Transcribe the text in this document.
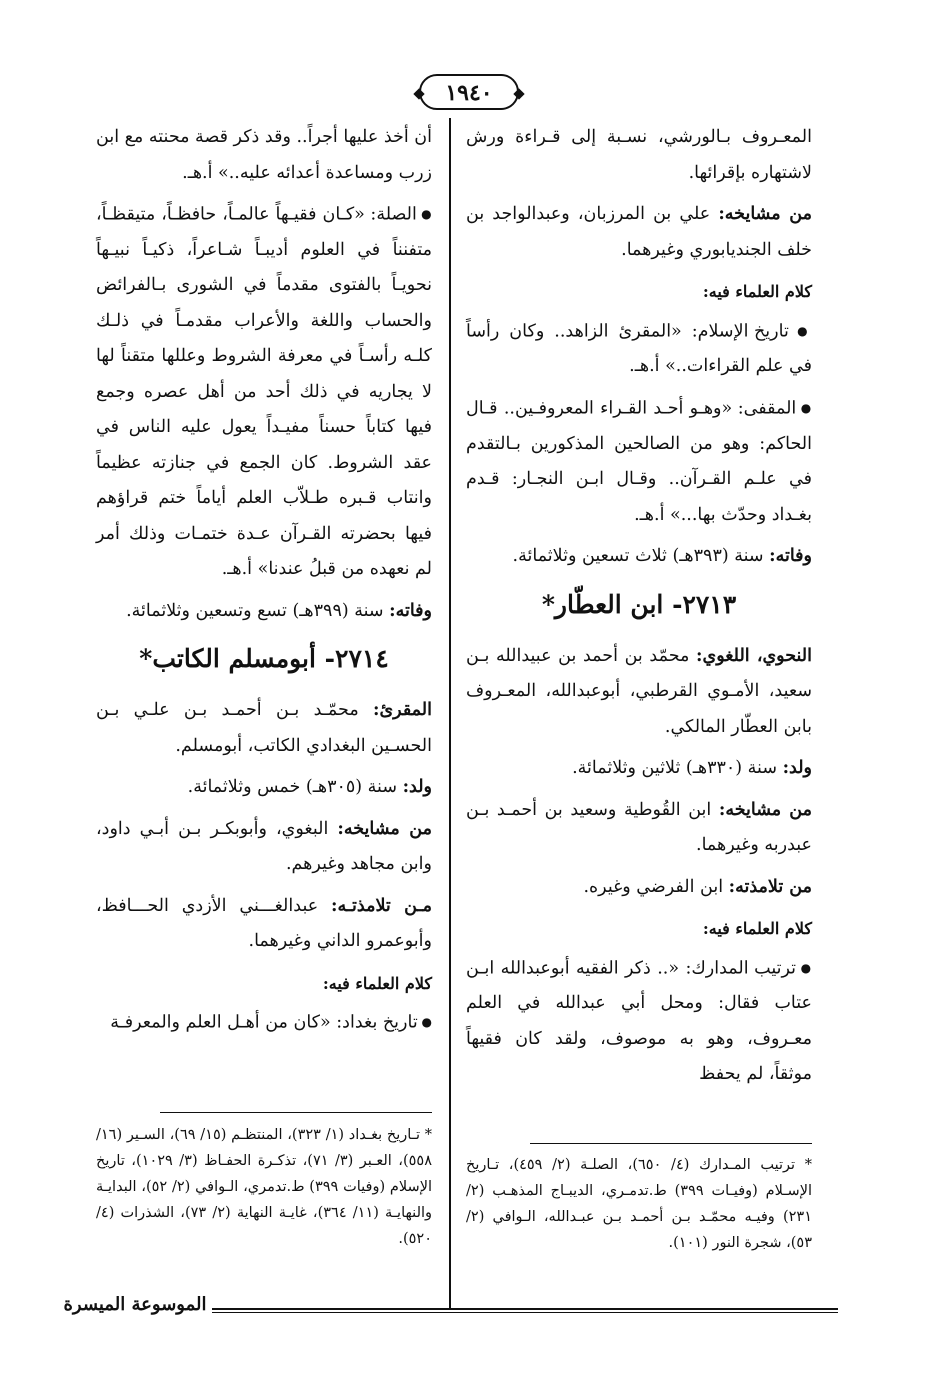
١٩٤٠

المعـروف بـالورشي، نسـبة إلى قـراءة ورش لاشتهاره بإقرائها.

من مشايخه: علي بن المرزبان، وعبدالواجد بن خلف الجنديابوري وغيرهما.

كلام العلماء فيه:

● تاريخ الإسلام: «المقرئ الزاهد.. وكان رأساً في علم القراءات..» أ.هـ.

● المقفى: «وهـو أحـد القـراء المعروفـين.. قـال الحاكم: وهو من الصالحين المذكورين بـالتقدم في علـم القـرآن.. وقـال ابـن النجـار: قـدم بغـداد وحدّث بها...» أ.هـ.

وفاته: سنة (٣٩٣هـ) ثلاث تسعين وثلاثمائة.

٢٧١٣- ابن العطّار*

النحوي، اللغوي: محمّد بن أحمد بن عبيدالله بـن سعيد، الأمـوي القرطبي، أبوعبدالله، المعـروف بابن العطّار المالكي.

ولد: سنة (٣٣٠هـ) ثلاثين وثلاثمائة.

من مشايخه: ابن القُوطية وسعيد بن أحمـد بـن عبدربه وغيرهما.

من تلامذته: ابن الفرضي وغيره.

كلام العلماء فيه:

● ترتيب المدارك: «.. ذكر الفقيه أبوعبدالله ابـن عتاب فقال: ومحل أبي عبدالله في العلم معـروف، وهو به موصوف، ولقد كان فقيهاً موثقاً، لم يحفظ

* ترتيب المـدارك (٤/ ٦٥٠)، الصلـة (٢/ ٤٥٩)، تـاريخ الإسـلام (وفيـات ٣٩٩) ط.تدمـري، الديبـاج المذهـب (٢/ ٢٣١) وفيـه محمّـد بـن أحمـد بـن عبـدالله، الـوافي (٢/ ٥٣)، شجرة النور (١٠١).

أن أخذ عليها أجراً.. وقد ذكر قصة محنته مع ابن زرب ومساعدة أعدائه عليه..» أ.هـ.

● الصلة: «كـان فقيـهاً عالمـاً، حافظـاً، متيقظـاً، متفنناً في العلوم أديبـاً شـاعراً، ذكيـاً نبيـهاً نحويـاً بالفتوى مقدماً في الشورى بـالفرائض والحساب واللغة والأعراب مقدمـاً في ذلـك كلـه رأسـاً في معرفة الشروط وعللها متقناً لها لا يجاريه في ذلك أحد من أهل عصره وجمع فيها كتاباً حسناً مفيـداً يعول عليه الناس في عقد الشروط. كان الجمع في جنازته عظيماً وانتاب قـبره طـلاّب العلم أياماً ختم قراؤهم فيها بحضرته القـرآن عـدة ختمـات وذلك أمر لم نعهده من قبلُ عندنا» أ.هـ.

وفاته: سنة (٣٩٩هـ) تسع وتسعين وثلاثمائة.

٢٧١٤- أبومسلم الكاتب*

المقرئ: محمّـد بـن أحمـد بـن علـي بـن الحسـين البغدادي الكاتب، أبومسلم.

ولد: سنة (٣٠٥هـ) خمس وثلاثمائة.

من مشايخه: البغوي، وأبوبكـر بـن أبـي داود، وابن مجاهد وغيرهم.

مـن تلامذتـه: عبدالغـــني الأزدي الحـــافظ، وأبوعمرو الداني وغيرهما.

كلام العلماء فيه:

● تاريخ بغداد: «كان من أهـل العلم والمعرفـة

* تـاريخ بغـداد (١/ ٣٢٣)، المنتظـم (١٥/ ٦٩)، السـير (١٦/ ٥٥٨)، العـبر (٣/ ٧١)، تذكـرة الحفـاظ (٣/ ١٠٢٩)، تاريخ الإسلام (وفيات ٣٩٩) ط.تدمري، الـوافي (٢/ ٥٢)، البدايـة والنهايـة (١١/ ٣٦٤)، غايـة النهاية (٢/ ٧٣)، الشذرات (٤/ ٥٢٠).
الموسوعة الميسرة
